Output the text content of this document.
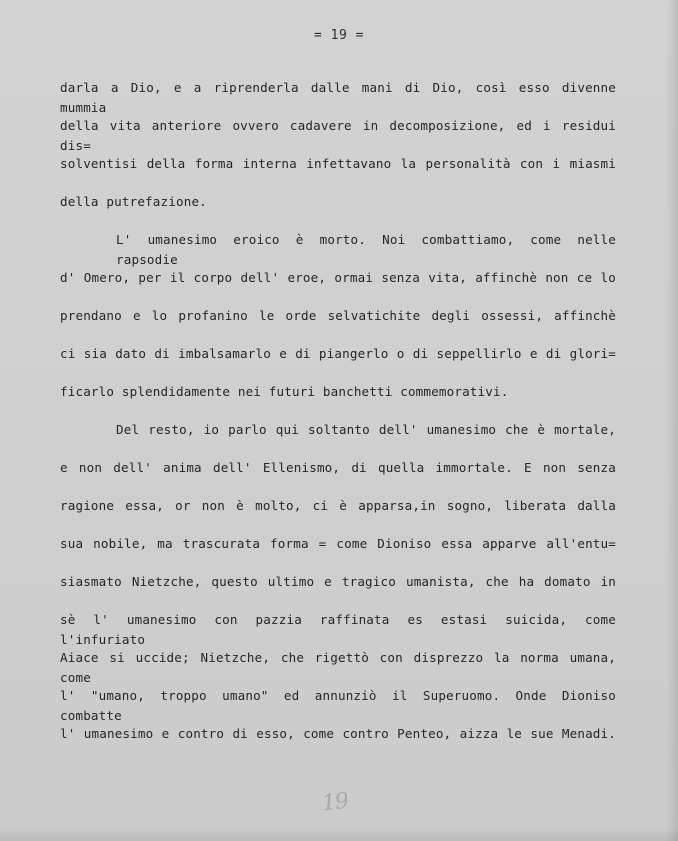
= 19 =
darla a Dio, e a riprenderla dalle mani di Dio, così esso divenne mummia
della vita anteriore ovvero cadavere in decomposizione, ed i residui dis=
solventisi della forma interna infettavano la personalità con i miasmi
della putrefazione.
L' umanesimo eroico è morto. Noi combattiamo, come nelle rapsodie
d' Omero, per il corpo dell' eroe, ormai senza vita, affinchè non ce lo
prendano e lo profanino le orde selvatichite degli ossessi, affinchè
ci sia dato di imbalsamarlo e di piangerlo o di seppellirlo e di glori=
ficarlo splendidamente nei futuri banchetti commemorativi.
Del resto, io parlo qui soltanto dell' umanesimo che è mortale,
e non dell' anima dell' Ellenismo, di quella immortale. E non senza
ragione essa, or non è molto, ci è apparsa,in sogno, liberata dalla
sua nobile, ma trascurata forma = come Dioniso essa apparve all'entu=
siasmato Nietzche, questo ultimo e tragico umanista, che ha domato in
sè l' umanesimo con pazzia raffinata es estasi suicida, come l'infuriato
Aiace si uccide; Nietzche, che rigettò con disprezzo la norma umana, come
l' "umano, troppo umano" ed annunziò il Superuomo. Onde Dioniso combatte
l' umanesimo e contro di esso, come contro Penteo, aizza le sue Menadi.
19
